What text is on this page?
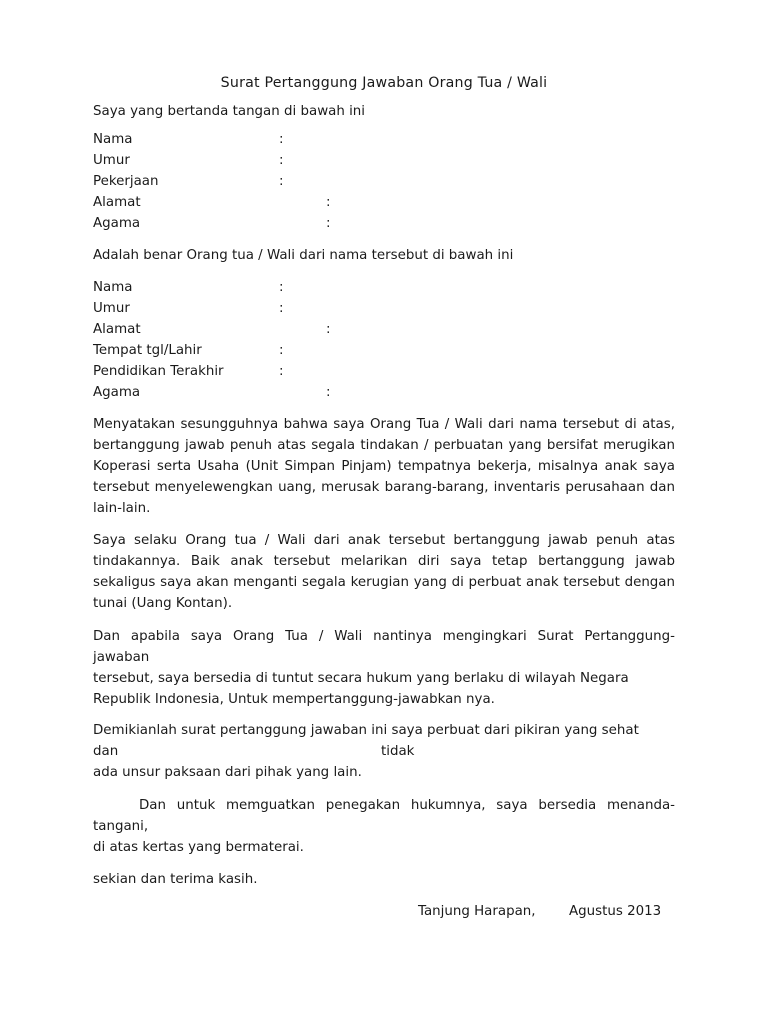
Surat Pertanggung Jawaban Orang Tua / Wali
Saya yang bertanda tangan di bawah ini
Nama	:
Umur	:
Pekerjaan	:
Alamat	:
Agama	:
Adalah benar Orang tua / Wali dari nama tersebut di bawah ini
Nama	:
Umur	:
Alamat	:
Tempat tgl/Lahir	:
Pendidikan Terakhir	:
Agama	:

Menyatakan sesungguhnya bahwa saya Orang Tua / Wali dari nama tersebut di atas, bertanggung jawab penuh atas segala tindakan / perbuatan yang bersifat merugikan Koperasi serta Usaha (Unit Simpan Pinjam) tempatnya bekerja, misalnya anak saya tersebut menyelewengkan uang, merusak barang-barang, inventaris perusahaan dan lain-lain.

Saya selaku Orang tua / Wali dari anak tersebut bertanggung jawab penuh atas tindakannya. Baik anak tersebut melarikan diri saya tetap bertanggung jawab sekaligus saya akan menganti segala kerugian yang di perbuat anak tersebut dengan tunai (Uang Kontan).

Dan apabila saya Orang Tua / Wali nantinya mengingkari Surat Pertanggung-
jawaban
tersebut, saya bersedia di tuntut secara hukum yang berlaku di wilayah Negara
Republik Indonesia, Untuk mempertanggung-jawabkan nya.
Demikianlah surat pertanggung jawaban ini saya perbuat dari pikiran yang sehat
dan	tidak
ada unsur paksaan dari pihak yang lain.
Dan untuk memguatkan penegakan hukumnya, saya bersedia menanda-
tangani,
di atas kertas yang bermaterai.
sekian dan terima kasih.
Tanjung Harapan, Agustus 2013
